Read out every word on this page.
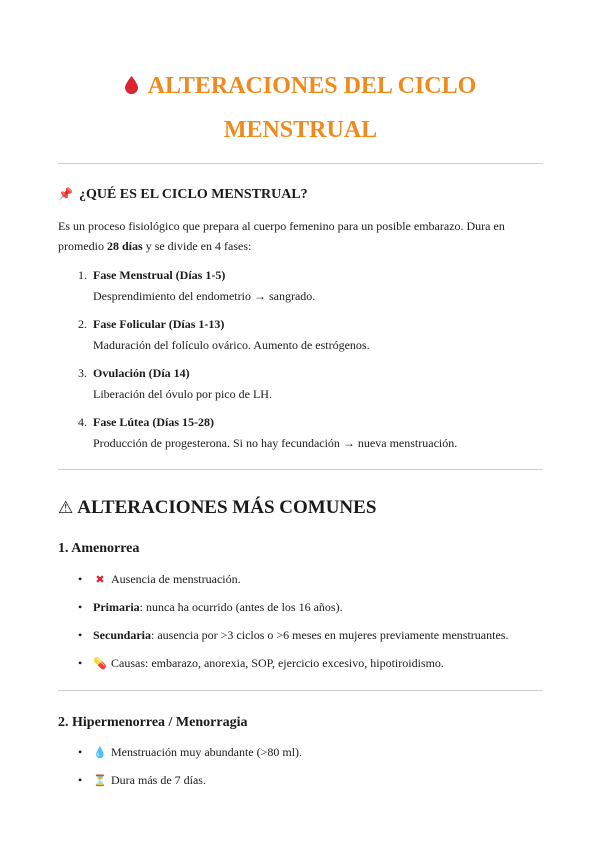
ALTERACIONES DEL CICLO
MENSTRUAL
📌 ¿QUÉ ES EL CICLO MENSTRUAL?

Es un proceso fisiológico que prepara al cuerpo femenino para un posible embarazo. Dura en promedio 28 días y se divide en 4 fases:

1. Fase Menstrual (Días 1-5)
Desprendimiento del endometrio → sangrado.
2. Fase Folicular (Días 1-13)
Maduración del folículo ovárico. Aumento de estrógenos.
3. Ovulación (Día 14)
Liberación del óvulo por pico de LH.
4. Fase Lútea (Días 15-28)
Producción de progesterona. Si no hay fecundación → nueva menstruación.
⚠ ALTERACIONES MÁS COMUNES
1. Amenorrea
• ✖ Ausencia de menstruación.
• Primaria: nunca ha ocurrido (antes de los 16 años).
• Secundaria: ausencia por >3 ciclos o >6 meses en mujeres previamente menstruantes.
• 💊 Causas: embarazo, anorexia, SOP, ejercicio excesivo, hipotiroidismo.
2. Hipermenorrea / Menorragia
• 💧 Menstruación muy abundante (>80 ml).
• ⏳ Dura más de 7 días.
